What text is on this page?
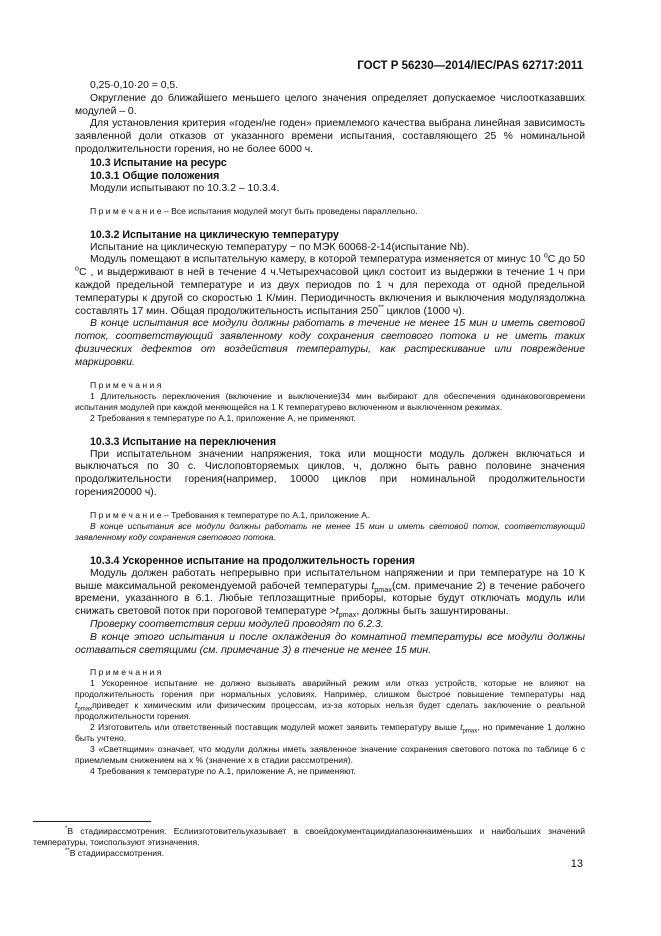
ГОСТ Р 56230—2014/IEC/PAS 62717:2011

0,25·0,10·20 = 0,5.

Округление до ближайшего меньшего целого значения определяет допускаемое числоотказавших модулей – 0.

Для установления критерия «годен/не годен» приемлемого качества выбрана линейная зависимость заявленной доли отказов от указанного времени испытания, составляющего 25 % номинальной продолжительности горения, но не более 6000 ч.

10.3 Испытание на ресурс

10.3.1 Общие положения

Модули испытывают по 10.3.2 – 10.3.4.

П р и м е ч а н и е – Все испытания модулей могут быть проведены параллельно.

10.3.2 Испытание на циклическую температуру

Испытание на циклическую температуру − по МЭК 60068-2-14(испытание Nb).

Модуль помещают в испытательную камеру, в которой температура изменяется от минус 10 $^o$C до 50 $^o$C , и выдерживают в ней в течение 4 ч.Четырехчасовой цикл состоит из выдержки в течение 1 ч при каждой предельной температуре и из двух периодов по 1 ч для перехода от одной предельной температуры к другой со скоростью 1 К/мин. Периодичность включения и выключения модуляздолжна составлять 17 мин. Общая продолжительность испытания 250** циклов (1000 ч).

В конце испытания все модули должны работать в течение не менее 15 мин и иметь световой поток, соответствующий заявленному коду сохранения светового потока и не иметь таких физических дефектов от воздействия температуры, как растрескивание или повреждение маркировки.

П р и м е ч а н и я

1 Длительность переключения (включение и выключение)34 мин выбирают для обеспечения одинаковоговремени испытания модулей при каждой меняющейся на 1 К температурево включенном и выключенном режимах.

2 Требования к температуре по А.1, приложение А, не применяют.

10.3.3 Испытание на переключения

При испытательном значении напряжения, тока или мощности модуль должен включаться и выключаться по 30 с. Числоповторяемых циклов, ч, должно быть равно половине значения продолжительности горения(например, 10000 циклов при номинальной продолжительности горения20000 ч).

П р и м е ч а н и е – Требования к температуре по А.1, приложение А.

В конце испытания все модули должны работать не менее 15 мин и иметь световой поток, соответствующий заявленному коду сохранения светового потока.

10.3.4 Ускоренное испытание на продолжительность горения

Модуль должен работать непрерывно при испытательном напряжении и при температуре на 10 К выше максимальной рекомендуемой рабочей температуры $t_{pmax}(см$. примечание 2) в течение рабочего времени, указанного в 6.1. Любые теплозащитные приборы, которые будут отключать модуль или снижать световой поток при пороговой температуре $>t_{pmax}$, должны быть зашунтированы.

Проверку соответствия серии модулей проводят по 6.2.3.

В конце этого испытания и после охлаждения до комнатной температуры все модули должны оставаться светящими (см. примечание 3) в течение не менее 15 мин.

П р и м е ч а н и я

1 Ускоренное испытание не должно вызывать аварийный режим или отказ устройств, которые не влияют на продолжительность горения при нормальных условиях. Например, слишком быстрое повышение температуры над $t_{pmax}приведет$ к химическим или физическим процессам, из-за которых нельзя будет сделать заключение о реальной продолжительности горения.

2 Изготовитель или ответственный поставщик модулей может заявить температуру выше $t_{pmax}$, но примечание 1 должно быть учтено.

3 «Светящими» означает, что модули должны иметь заявленное значение сохранения светового потока по таблице 6 с приемлемым снижением на x % (значение x в стадии рассмотрения).

4 Требования к температуре по А.1, приложение А, не применяют.

*В стадиирассмотрения. Еслиизготовительуказывает в своейдокументациидиапазоннаименьших и наибольших значений температуры, тоиспользуют этизначения.

**В стадиирассмотрения.

13
